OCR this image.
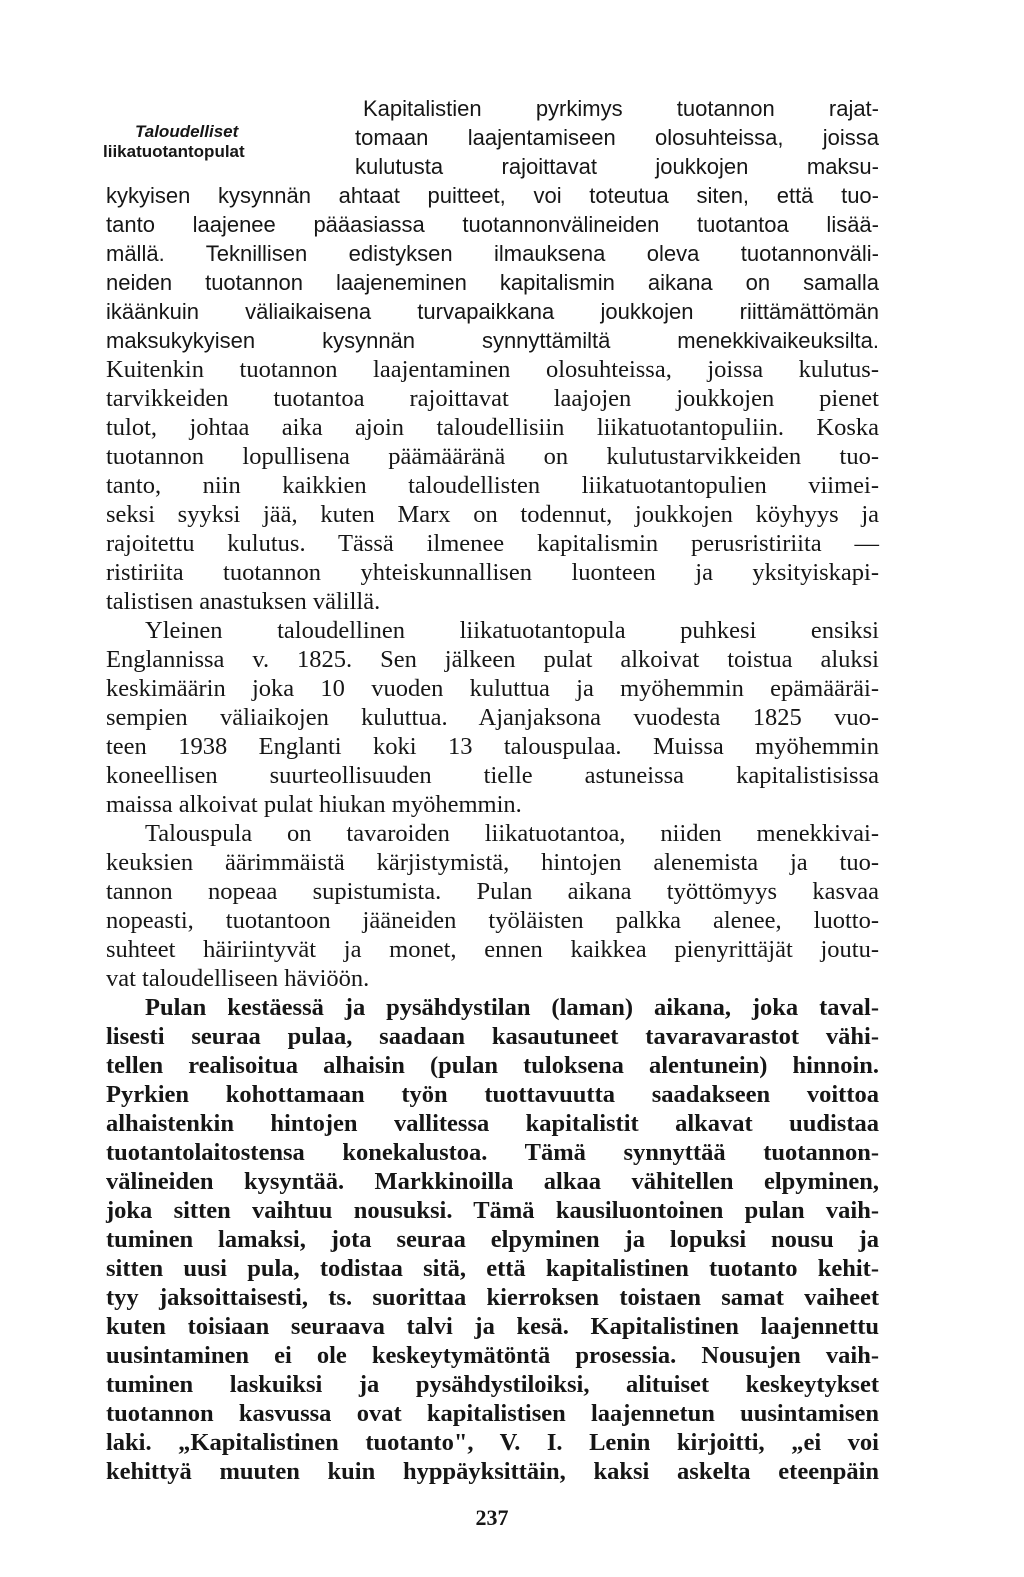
Taloudelliset
liikatuotantopulat
Kapitalistien pyrkimys tuotannon rajat-
tomaan laajentamiseen olosuhteissa, joissa
kulutusta rajoittavat joukkojen maksu-
kykyisen kysynnän ahtaat puitteet, voi toteutua siten, että tuo-
tanto laajenee pääasiassa tuotannonvälineiden tuotantoa lisää-
mällä. Teknillisen edistyksen ilmauksena oleva tuotannonväli-
neiden tuotannon laajeneminen kapitalismin aikana on samalla
ikäänkuin väliaikaisena turvapaikkana joukkojen riittämättömän
maksukykyisen kysynnän synnyttämiltä menekkivaikeuksilta.
Kuitenkin tuotannon laajentaminen olosuhteissa, joissa kulutus-
tarvikkeiden tuotantoa rajoittavat laajojen joukkojen pienet
tulot, johtaa aika ajoin taloudellisiin liikatuotantopuliin. Koska
tuotannon lopullisena päämääränä on kulutustarvikkeiden tuo-
tanto, niin kaikkien taloudellisten liikatuotantopulien viimei-
seksi syyksi jää, kuten Marx on todennut, joukkojen köyhyys ja
rajoitettu kulutus. Tässä ilmenee kapitalismin perusristiriita —
ristiriita tuotannon yhteiskunnallisen luonteen ja yksityiskapi-
talistisen anastuksen välillä.
Yleinen taloudellinen liikatuotantopula puhkesi ensiksi
Englannissa v. 1825. Sen jälkeen pulat alkoivat toistua aluksi
keskimäärin joka 10 vuoden kuluttua ja myöhemmin epämääräi-
sempien väliaikojen kuluttua. Ajanjaksona vuodesta 1825 vuo-
teen 1938 Englanti koki 13 talouspulaa. Muissa myöhemmin
koneellisen suurteollisuuden tielle astuneissa kapitalistisissa
maissa alkoivat pulat hiukan myöhemmin.
Talouspula on tavaroiden liikatuotantoa, niiden menekkivai-
keuksien äärimmäistä kärjistymistä, hintojen alenemista ja tuo-
tannon nopeaa supistumista. Pulan aikana työttömyys kasvaa
nopeasti, tuotantoon jääneiden työläisten palkka alenee, luotto-
suhteet häiriintyvät ja monet, ennen kaikkea pienyrittäjät joutu-
vat taloudelliseen häviöön.
Pulan kestäessä ja pysähdystilan (laman) aikana, joka taval-
lisesti seuraa pulaa, saadaan kasautuneet tavaravarastot vähi-
tellen realisoitua alhaisin (pulan tuloksena alentunein) hinnoin.
Pyrkien kohottamaan työn tuottavuutta saadakseen voittoa
alhaistenkin hintojen vallitessa kapitalistit alkavat uudistaa
tuotantolaitostensa konekalustoa. Tämä synnyttää tuotannon-
välineiden kysyntää. Markkinoilla alkaa vähitellen elpyminen,
joka sitten vaihtuu nousuksi. Tämä kausiluontoinen pulan vaih-
tuminen lamaksi, jota seuraa elpyminen ja lopuksi nousu ja
sitten uusi pula, todistaa sitä, että kapitalistinen tuotanto kehit-
tyy jaksoittaisesti, ts. suorittaa kierroksen toistaen samat vaiheet
kuten toisiaan seuraava talvi ja kesä. Kapitalistinen laajennettu
uusintaminen ei ole keskeytymätöntä prosessia. Nousujen vaih-
tuminen laskuiksi ja pysähdystiloiksi, alituiset keskeytykset
tuotannon kasvussa ovat kapitalistisen laajennetun uusintamisen
laki. „Kapitalistinen tuotanto", V. I. Lenin kirjoitti, „ei voi
kehittyä muuten kuin hyppäyksittäin, kaksi askelta eteenpäin
237
